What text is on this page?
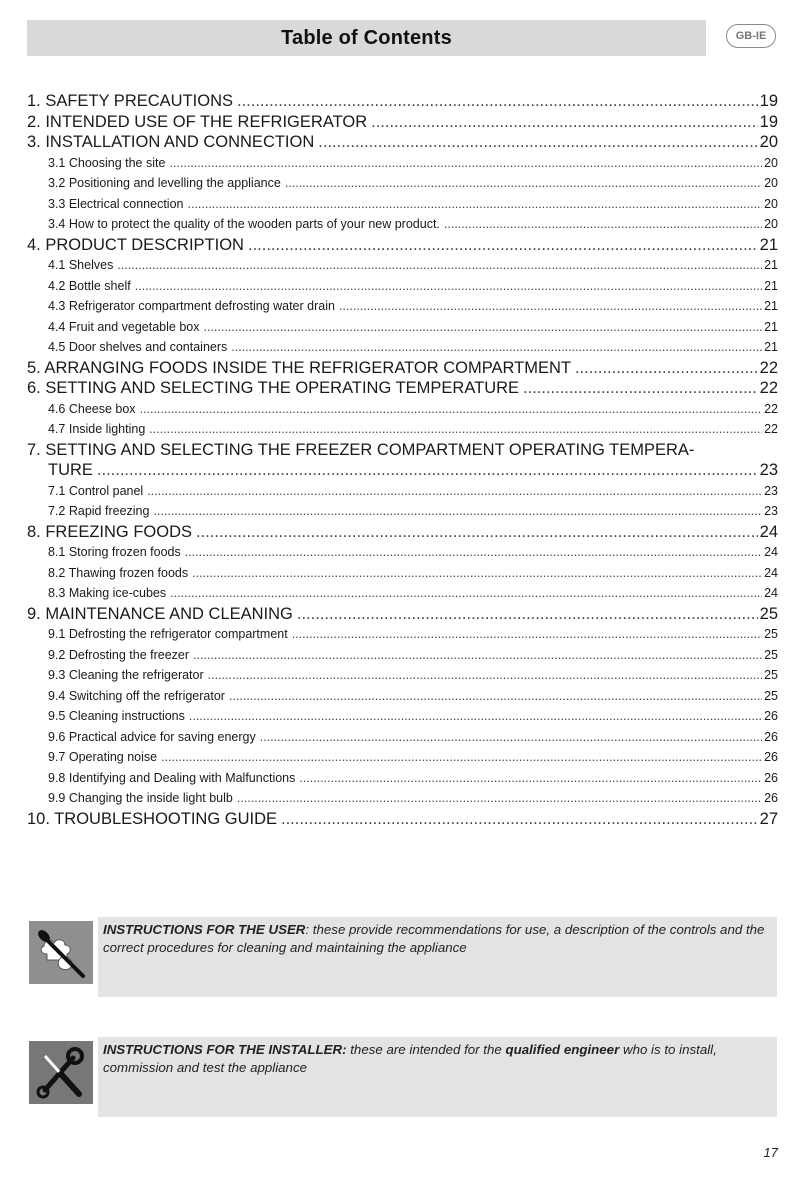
Table of Contents	GB-IE
1. SAFETY PRECAUTIONS .....	19
2. INTENDED USE OF THE REFRIGERATOR .....	19
3. INSTALLATION AND CONNECTION .....	20
3.1 Choosing the site .....	20
3.2 Positioning and levelling the appliance .....	20
3.3 Electrical connection .....	20
3.4 How to protect the quality of the wooden parts of your new product. .....	20
4. PRODUCT DESCRIPTION .....	21
4.1 Shelves .....	21
4.2 Bottle shelf .....	21
4.3 Refrigerator compartment defrosting water drain .....	21
4.4 Fruit and vegetable box .....	21
4.5 Door shelves and containers .....	21
5. ARRANGING FOODS INSIDE THE REFRIGERATOR COMPARTMENT .....	22
6. SETTING AND SELECTING THE OPERATING TEMPERATURE .....	22
4.6 Cheese box .....	22
4.7 Inside lighting .....	22
7. SETTING AND SELECTING THE FREEZER COMPARTMENT OPERATING TEMPERA-
TURE .....	23
7.1 Control panel .....	23
7.2 Rapid freezing .....	23
8. FREEZING FOODS .....	24
8.1 Storing frozen foods .....	24
8.2 Thawing frozen foods .....	24
8.3 Making ice-cubes .....	24
9. MAINTENANCE AND CLEANING .....	25
9.1 Defrosting the refrigerator compartment .....	25
9.2 Defrosting the freezer .....	25
9.3 Cleaning the refrigerator .....	25
9.4 Switching off the refrigerator .....	25
9.5 Cleaning instructions .....	26
9.6 Practical advice for saving energy .....	26
9.7 Operating noise .....	26
9.8 Identifying and Dealing with Malfunctions .....	26
9.9 Changing the inside light bulb .....	26
10. TROUBLESHOOTING GUIDE .....	27
INSTRUCTIONS FOR THE USER: these provide recommendations for use, a description of the controls and the correct procedures for cleaning and maintaining the appliance
INSTRUCTIONS FOR THE INSTALLER: these are intended for the qualified engineer who is to install, commission and test the appliance
17
